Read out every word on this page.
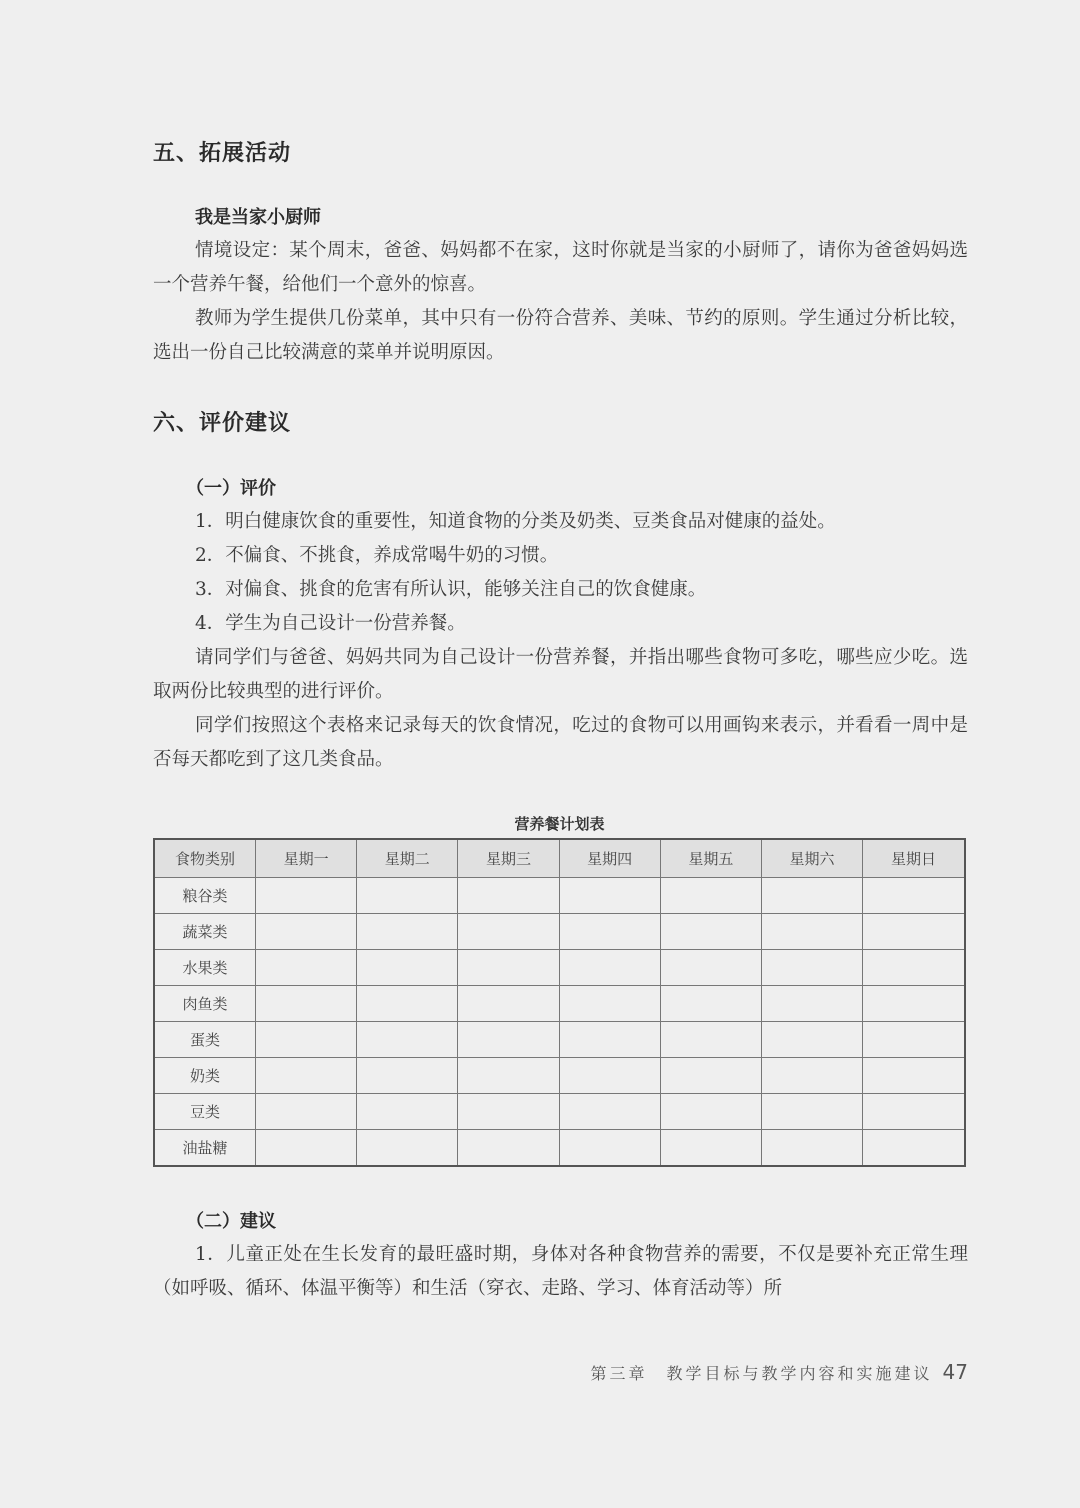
五、拓展活动
我是当家小厨师

情境设定：某个周末，爸爸、妈妈都不在家，这时你就是当家的小厨师了，请你为爸爸妈妈选一个营养午餐，给他们一个意外的惊喜。

教师为学生提供几份菜单，其中只有一份符合营养、美味、节约的原则。学生通过分析比较，选出一份自己比较满意的菜单并说明原因。

六、评价建议
（一）评价
1．明白健康饮食的重要性，知道食物的分类及奶类、豆类食品对健康的益处。
2．不偏食、不挑食，养成常喝牛奶的习惯。
3．对偏食、挑食的危害有所认识，能够关注自己的饮食健康。
4．学生为自己设计一份营养餐。

请同学们与爸爸、妈妈共同为自己设计一份营养餐，并指出哪些食物可多吃，哪些应少吃。选取两份比较典型的进行评价。

同学们按照这个表格来记录每天的饮食情况，吃过的食物可以用画钩来表示，并看看一周中是否每天都吃到了这几类食品。

营养餐计划表
食物类别	星期一	星期二	星期三	星期四	星期五	星期六	星期日
粮谷类							
蔬菜类							
水果类							
肉鱼类							
蛋类							
奶类							
豆类							
油盐糖							
（二）建议

1．儿童正处在生长发育的最旺盛时期，身体对各种食物营养的需要，不仅是要补充正常生理（如呼吸、循环、体温平衡等）和生活（穿衣、走路、学习、体育活动等）所

第三章　教学目标与教学内容和实施建议 47
